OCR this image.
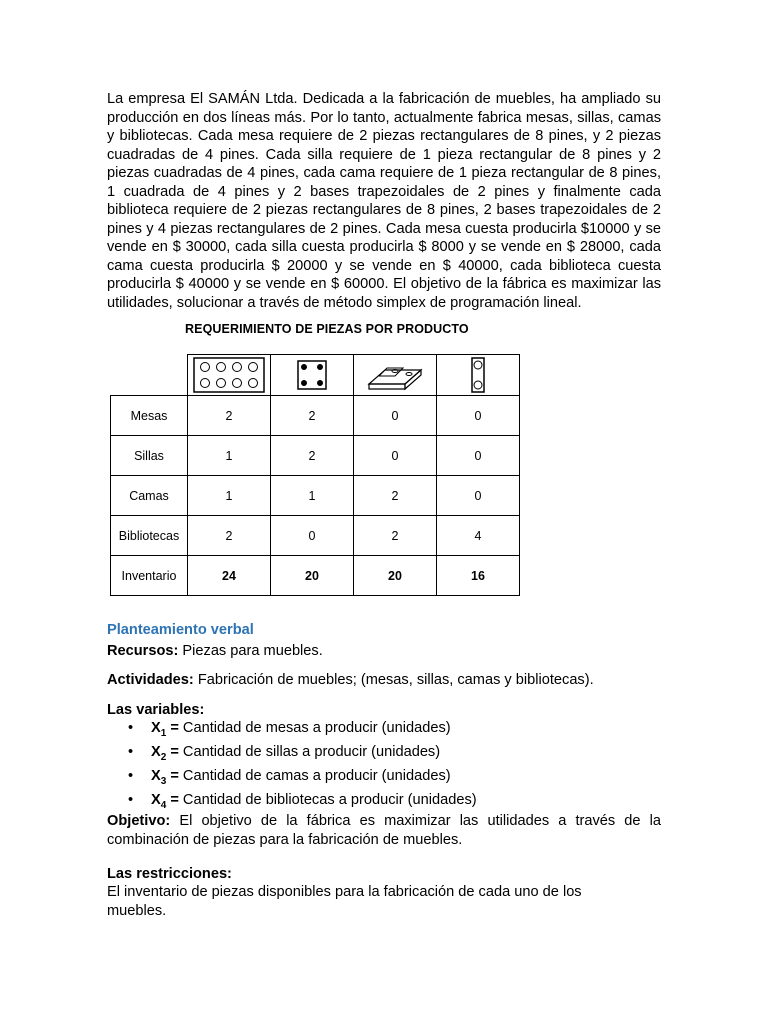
La empresa El SAMÁN Ltda. Dedicada a la fabricación de muebles, ha ampliado su producción en dos líneas más. Por lo tanto, actualmente fabrica mesas, sillas, camas y bibliotecas. Cada mesa requiere de 2 piezas rectangulares de 8 pines, y 2 piezas cuadradas de 4 pines. Cada silla requiere de 1 pieza rectangular de 8 pines y 2 piezas cuadradas de 4 pines, cada cama requiere de 1 pieza rectangular de 8 pines, 1 cuadrada de 4 pines y 2 bases trapezoidales de 2 pines y finalmente cada biblioteca requiere de 2 piezas rectangulares de 8 pines, 2 bases trapezoidales de 2 pines y 4 piezas rectangulares de 2 pines. Cada mesa cuesta producirla $10000 y se vende en $ 30000, cada silla cuesta producirla $ 8000 y se vende en $ 28000, cada cama cuesta producirla $ 20000 y se vende en $ 40000, cada biblioteca cuesta producirla $ 40000 y se vende en $ 60000. El objetivo de la fábrica es maximizar las utilidades, solucionar a través de método simplex de programación lineal.

REQUERIMIENTO DE PIEZAS POR PRODUCTO

Mesas	2	2	0	0
Sillas	1	2	0	0
Camas	1	1	2	0
Bibliotecas	2	0	2	4
Inventario	24	20	20	16
Planteamiento verbal
Recursos: Piezas para muebles.
Actividades: Fabricación de muebles; (mesas, sillas, camas y bibliotecas).
Las variables:
• $X_1$ = Cantidad de mesas a producir (unidades)
• $X_2$ = Cantidad de sillas a producir (unidades)
• $X_3$ = Cantidad de camas a producir (unidades)
• $X_4$ = Cantidad de bibliotecas a producir (unidades)

Objetivo: El objetivo de la fábrica es maximizar las utilidades a través de la combinación de piezas para la fabricación de muebles.

Las restricciones:

El inventario de piezas disponibles para la fabricación de cada uno de los muebles.
